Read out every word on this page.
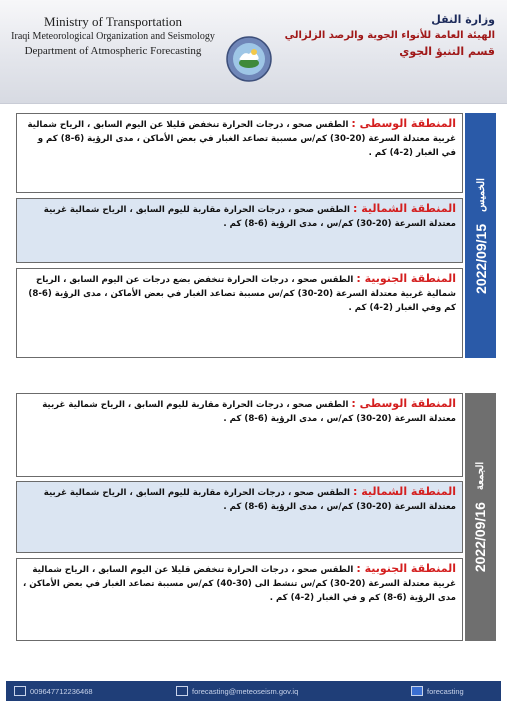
Ministry of Transportation
Iraqi Meteorological Organization and Seismology
Department of Atmospheric Forecasting
وزارة النقل
الهيئة العامة للأنواء الجوية والرصد الزلزالي
قسم التنبؤ الجوي
المنطقة الوسطى : الطقس صحو ، درجات الحرارة تنخفض قليلا عن اليوم السابق ، الرياح شمالية غربية معتدلة السرعة (20-30) كم/س مسببة تصاعد الغبار في بعض الأماكن ، مدى الرؤية (6-8) كم و في الغبار (2-4) كم .
المنطقة الشمالية : الطقس صحو ، درجات الحرارة مقاربة لليوم السابق ، الرياح شمالية غربية معتدلة السرعة (20-30) كم/س ، مدى الرؤية (6-8) كم .
المنطقة الجنوبية : الطقس صحو ، درجات الحرارة تنخفض بضع درجات عن اليوم السابق ، الرياح شمالية غربية معتدلة السرعة (20-30) كم/س مسببة تصاعد الغبار في بعض الأماكن ، مدى الرؤية (6-8) كم وفي الغبار (2-4) كم .
2022/09/15
الخميس
المنطقة الوسطى : الطقس صحو ، درجات الحرارة مقاربة لليوم السابق ، الرياح شمالية غربية معتدلة السرعة (20-30) كم/س ، مدى الرؤية (6-8) كم .
المنطقة الشمالية : الطقس صحو ، درجات الحرارة مقاربة لليوم السابق ، الرياح شمالية غربية معتدلة السرعة (20-30) كم/س ، مدى الرؤية (6-8) كم .
المنطقة الجنوبية : الطقس صحو ، درجات الحرارة تنخفض قليلا عن اليوم السابق ، الرياح شمالية غربية معتدلة السرعة (20-30) كم/س تنشط الى (30-40) كم/س مسببة تصاعد الغبار في بعض الأماكن ، مدى الرؤية (6-8) كم و في الغبار (2-4) كم .
2022/09/16
الجمعة
009647712236468	forecasting@meteoseism.gov.iq	forecasting
